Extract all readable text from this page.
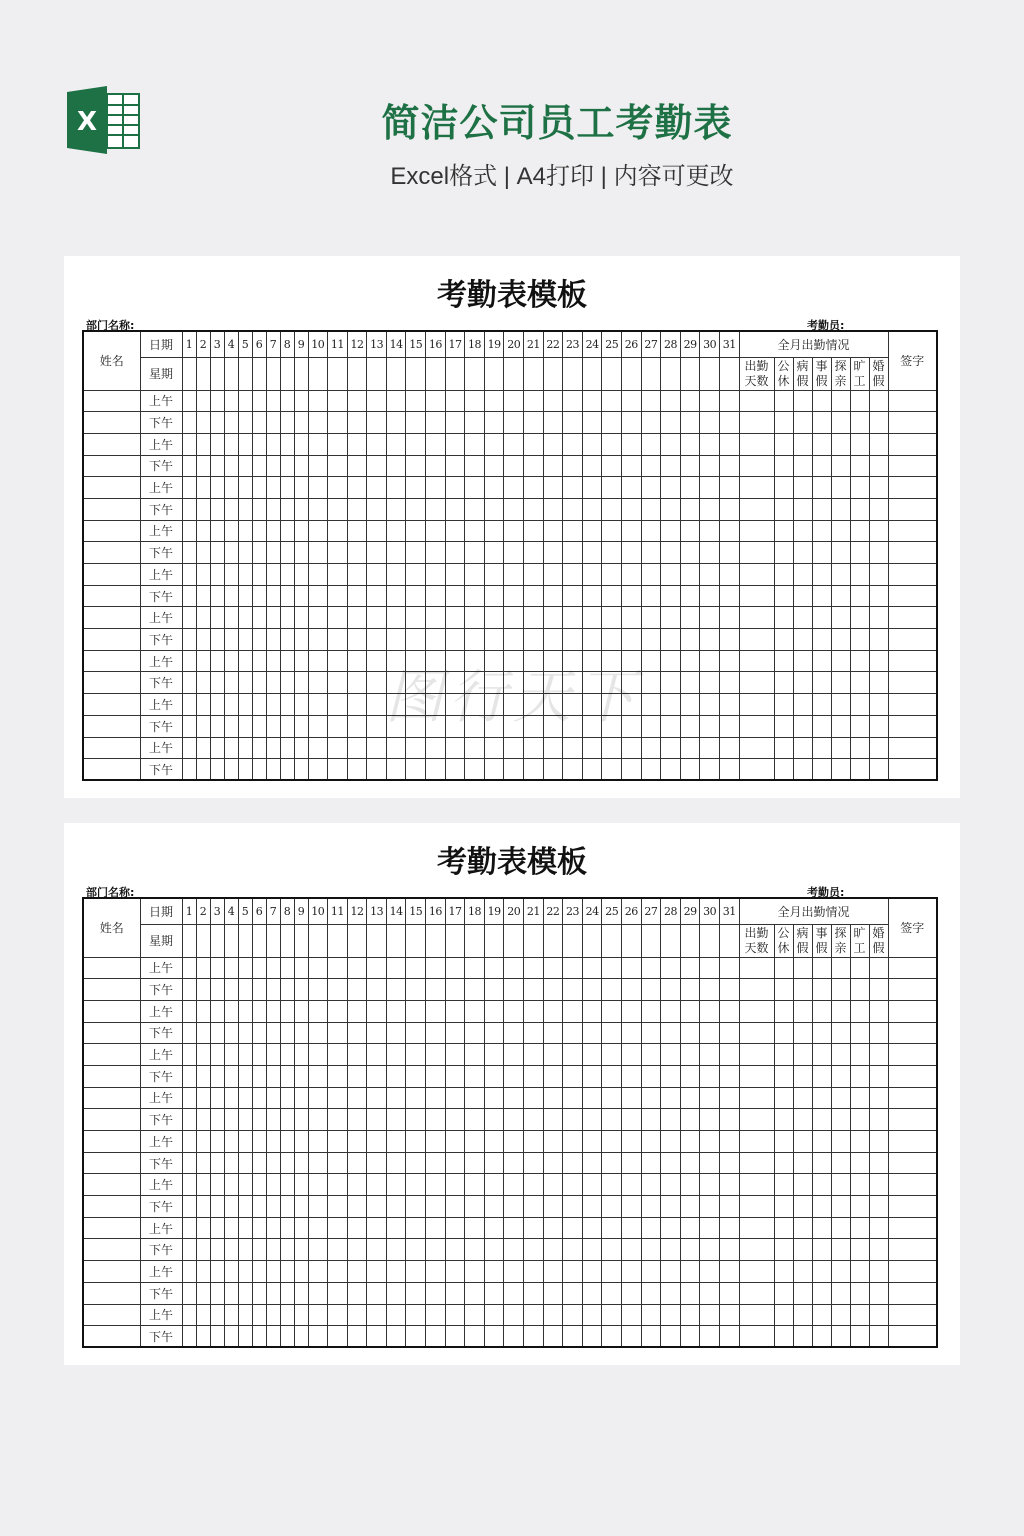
X	简洁公司员工考勤表
Excel格式 | A4打印 | 内容可更改
考勤表模板
部门名称:	考勤员:
姓名	日期	1	2	3	4	5	6	7	8	9	10	11	12	13	14	15	16	17	18	19	20	21	22	23	24	25	26	27	28	29	30	31	全月出勤情况							签字
	星期																																出勤天数	公休	病假	事假	探亲	旷工	婚假	
	上午																																							
	下午																																							
	上午																																							
	下午																																							
	上午																																							
	下午																																							
	上午																																							
	下午																																							
	上午																																							
	下午																																							
	上午																																							
	下午																																							
	上午																																							
	下午																																							
	上午																																							
	下午																																							
	上午																																							
	下午																																							
考勤表模板
部门名称:	考勤员:
姓名	日期	1	2	3	4	5	6	7	8	9	10	11	12	13	14	15	16	17	18	19	20	21	22	23	24	25	26	27	28	29	30	31	全月出勤情况							签字
	星期																																出勤天数	公休	病假	事假	探亲	旷工	婚假	
	上午																																							
	下午																																							
	上午																																							
	下午																																							
	上午																																							
	下午																																							
	上午																																							
	下午																																							
	上午																																							
	下午																																							
	上午																																							
	下午																																							
	上午																																							
	下午																																							
	上午																																							
	下午																																							
	上午																																							
	下午																																							
图行天下
